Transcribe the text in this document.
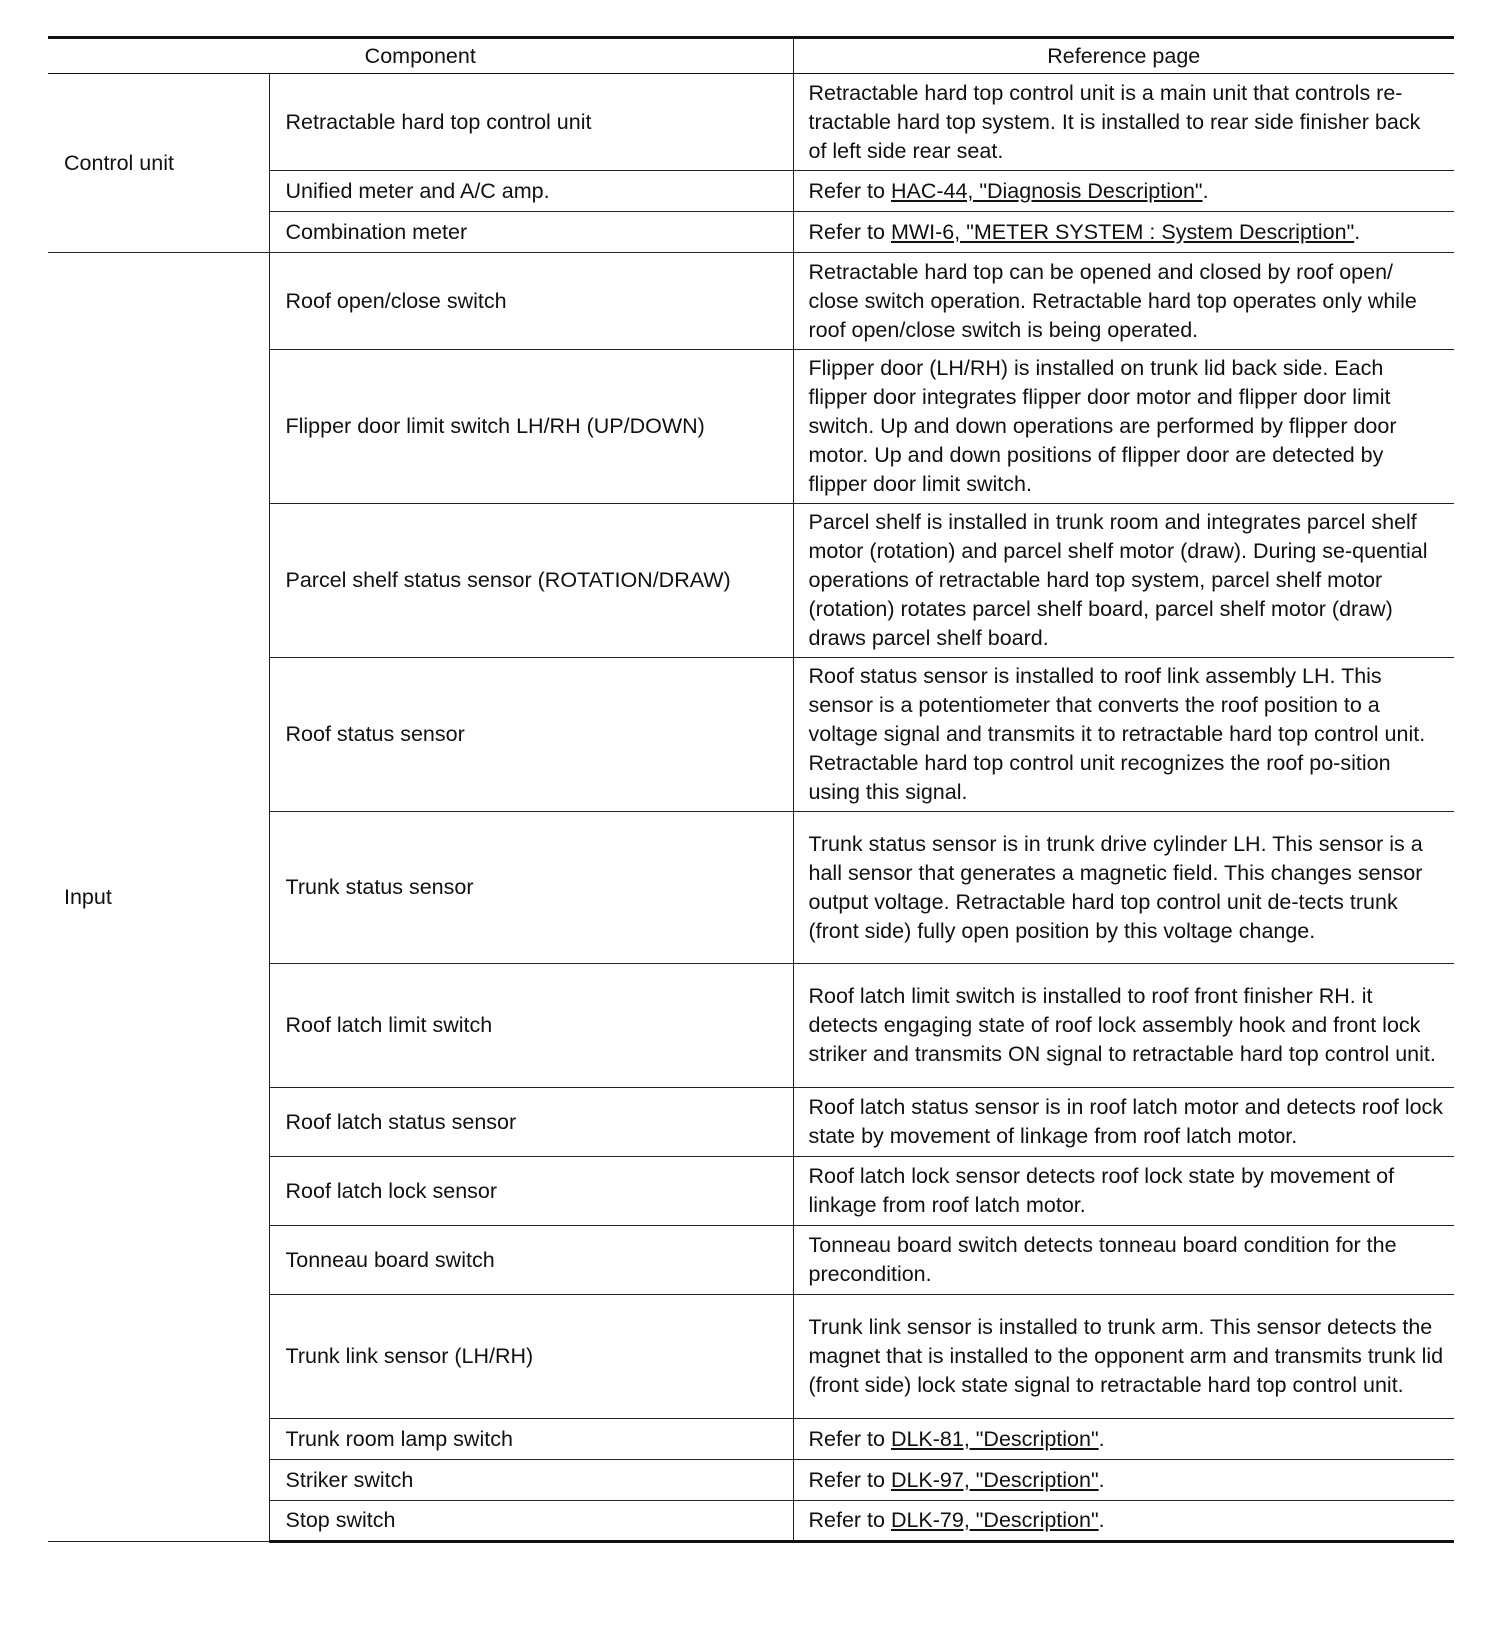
Component		Reference page
Control unit	Retractable hard top control unit	Retractable hard top control unit is a main unit that controls re-tractable hard top system. It is installed to rear side finisher back of left side rear seat.
	Unified meter and A/C amp.	Refer to HAC-44, "Diagnosis Description".
	Combination meter	Refer to MWI-6, "METER SYSTEM : System Description".
Input	Roof open/close switch	Retractable hard top can be opened and closed by roof open/ close switch operation. Retractable hard top operates only while roof open/close switch is being operated.
	Flipper door limit switch LH/RH (UP/DOWN)	Flipper door (LH/RH) is installed on trunk lid back side. Each flipper door integrates flipper door motor and flipper door limit switch. Up and down operations are performed by flipper door motor. Up and down positions of flipper door are detected by flipper door limit switch.
	Parcel shelf status sensor (ROTATION/DRAW)	Parcel shelf is installed in trunk room and integrates parcel shelf motor (rotation) and parcel shelf motor (draw). During se-quential operations of retractable hard top system, parcel shelf motor (rotation) rotates parcel shelf board, parcel shelf motor (draw) draws parcel shelf board.
	Roof status sensor	Roof status sensor is installed to roof link assembly LH. This sensor is a potentiometer that converts the roof position to a voltage signal and transmits it to retractable hard top control unit. Retractable hard top control unit recognizes the roof po-sition using this signal.
	Trunk status sensor	Trunk status sensor is in trunk drive cylinder LH. This sensor is a hall sensor that generates a magnetic field. This changes sensor output voltage. Retractable hard top control unit de-tects trunk (front side) fully open position by this voltage change.
	Roof latch limit switch	Roof latch limit switch is installed to roof front finisher RH. it detects engaging state of roof lock assembly hook and front lock striker and transmits ON signal to retractable hard top control unit.
	Roof latch status sensor	Roof latch status sensor is in roof latch motor and detects roof lock state by movement of linkage from roof latch motor.
	Roof latch lock sensor	Roof latch lock sensor detects roof lock state by movement of linkage from roof latch motor.
	Tonneau board switch	Tonneau board switch detects tonneau board condition for the precondition.
	Trunk link sensor (LH/RH)	Trunk link sensor is installed to trunk arm. This sensor detects the magnet that is installed to the opponent arm and transmits trunk lid (front side) lock state signal to retractable hard top control unit.
	Trunk room lamp switch	Refer to DLK-81, "Description".
	Striker switch	Refer to DLK-97, "Description".
	Stop switch	Refer to DLK-79, "Description".
